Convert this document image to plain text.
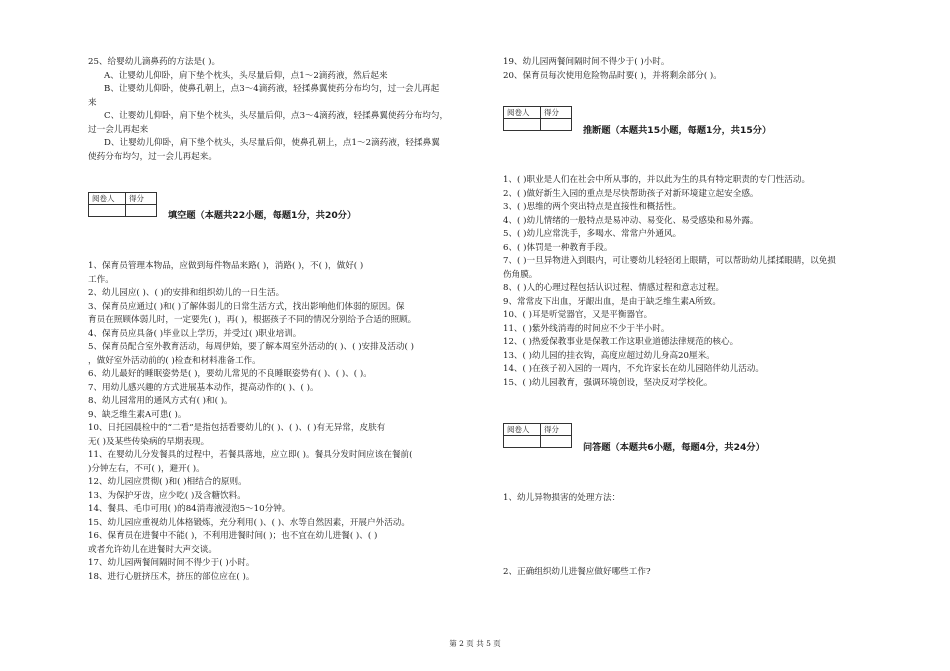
25、给婴幼儿滴鼻药的方法是( )。

A、让婴幼儿仰卧，肩下垫个枕头，头尽量后仰，点1～2滴药液，然后起来

B、让婴幼儿仰卧，使鼻孔朝上，点3～4滴药液，轻揉鼻翼使药分布均匀，过一会儿再起

来

C、让婴幼儿仰卧，肩下垫个枕头，头尽量后仰，点3～4滴药液，轻揉鼻翼使药分布均匀，

过一会儿再起来

D、让婴幼儿仰卧，肩下垫个枕头，头尽量后仰，使鼻孔朝上，点1～2滴药液，轻揉鼻翼

使药分布均匀，过一会儿再起来。

阅卷人	得分

填空题（本题共22小题，每题1分，共20分）

1、保育员管理本物品，应做到每件物品来路( )，消路( )，不( )，做好( )

工作。

2、幼儿园应( )、( )的安排和组织幼儿的一日生活。

3、保育员应通过( )和( )了解体弱儿的日常生活方式，找出影响他们体弱的原因。保

育员在照顾体弱儿时，一定要先( )，再( )，根据孩子不同的情况分别给予合适的照顾。

4、保育员应具备( )毕业以上学历，并受过( )职业培训。

5、保育员配合室外教育活动，每周伊始，要了解本周室外活动的( )、( )安排及活动( )

，做好室外活动前的( )检查和材料准备工作。

6、幼儿最好的睡眠姿势是( )，要幼儿常见的不良睡眠姿势有( )、( )、( )。

7、用幼儿感兴趣的方式进展基本动作，提高动作的( )、( )。

8、幼儿园常用的通风方式有( )和( )。

9、缺乏维生素A可患( )。

10、日托园晨检中的“二看”是指包括看婴幼儿的( )、( )、( )有无异常，皮肤有

无( )及某些传染病的早期表现。

11、在婴幼儿分发餐具的过程中，若餐具落地，应立即( )。餐具分发时间应该在餐前(

)分钟左右，不可( )，避开( )。

12、幼儿园应贯彻( )和( )相结合的原则。

13、为保护牙齿，应少吃( )及含糖饮料。

14、餐具、毛巾可用( )的84消毒液浸泡5～10分钟。

15、幼儿园应重视幼儿体格锻炼，充分利用( )、( )、水等自然因素，开展户外活动。

16、保育员在进餐中不能( )，不利用进餐时间( )；也不宜在幼儿进餐( )、( )

或者允许幼儿在进餐时大声交谈。

17、幼儿园两餐间隔时间不得少于( )小时。

18、进行心脏挤压术，挤压的部位应在( )。

19、幼儿园两餐间隔时间不得少于( )小时。

20、保育员每次使用危险物品时要( )，并将剩余部分( )。

阅卷人	得分

推断题（本题共15小题，每题1分，共15分）

1、( )职业是人们在社会中所从事的，并以此为生的具有特定职责的专门性活动。

2、( )做好新生入园的重点是尽快帮助孩子对新环境建立起安全感。

3、( )思维的两个突出特点是直接性和概括性。

4、( )幼儿情绪的一般特点是易冲动、易变化、易受感染和易外露。

5、( )幼儿应常洗手，多喝水、常常户外通风。

6、( )体罚是一种教育手段。

7、( )一旦异物进入到眼内，可让婴幼儿轻轻闭上眼睛，可以帮助幼儿揉揉眼睛，以免损

伤角膜。

8、( )人的心理过程包括认识过程、情感过程和意志过程。

9、常常皮下出血，牙龈出血，是由于缺乏维生素A所致。

10、( )耳是听觉器官，又是平衡器官。

11、( )紫外线消毒的时间应不少于半小时。

12、( )热爱保教事业是保教工作这职业道德法律规范的核心。

13、( )幼儿园的挂衣钩，高度应超过幼儿身高20厘米。

14、( )在孩子初入园的一周内，不允许家长在幼儿园陪伴幼儿活动。

15、( )幼儿园教育，强调环境创设，坚决反对学校化。

阅卷人	得分

问答题（本题共6小题，每题4分，共24分）

1、幼儿异物损害的处理方法：

2、正确组织幼儿进餐应做好哪些工作?

第 2 页 共 5 页
